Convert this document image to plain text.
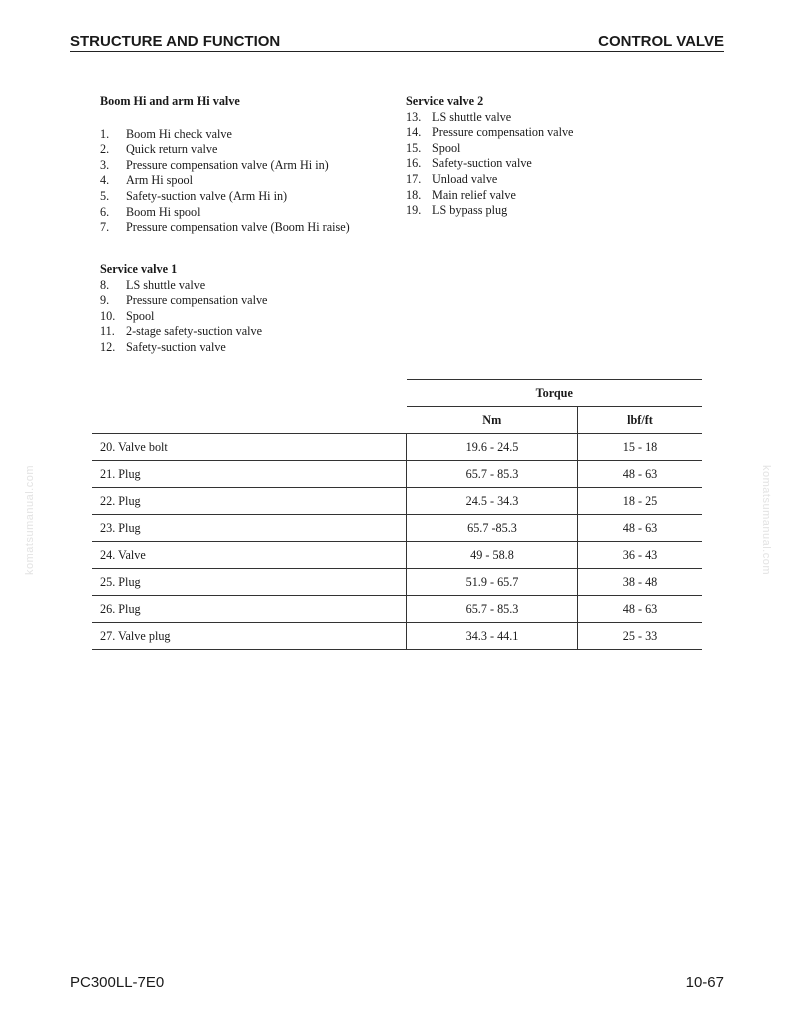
STRUCTURE AND FUNCTION	CONTROL VALVE
Boom Hi and arm Hi valve
1. Boom Hi check valve
2. Quick return valve
3. Pressure compensation valve (Arm Hi in)
4. Arm Hi spool
5. Safety-suction valve (Arm Hi in)
6. Boom Hi spool
7. Pressure compensation valve (Boom Hi raise)
Service valve 1
8. LS shuttle valve
9. Pressure compensation valve
10. Spool
11. 2-stage safety-suction valve
12. Safety-suction valve
Service valve 2
13. LS shuttle valve
14. Pressure compensation valve
15. Spool
16. Safety-suction valve
17. Unload valve
18. Main relief valve
19. LS bypass plug
	Torque	
	Nm	lbf/ft
20. Valve bolt	19.6 - 24.5	15 - 18
21. Plug	65.7 - 85.3	48 - 63
22. Plug	24.5 - 34.3	18 - 25
23. Plug	65.7 -85.3	48 - 63
24. Valve	49 - 58.8	36 - 43
25. Plug	51.9 - 65.7	38 - 48
26. Plug	65.7 - 85.3	48 - 63
27. Valve plug	34.3 - 44.1	25 - 33
komatsumanual.com	komatsumanual.com
PC300LL-7E0	10-67
